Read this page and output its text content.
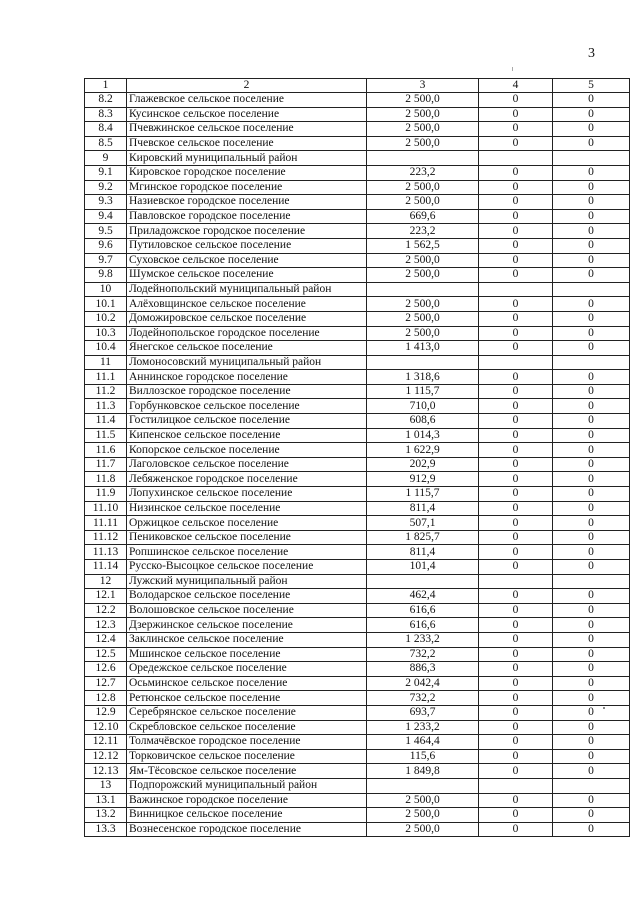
3
1	2	3	4	5
8.2	Глажевское сельское поселение	2 500,0	0	0
8.3	Кусинское сельское поселение	2 500,0	0	0
8.4	Пчевжинское сельское поселение	2 500,0	0	0
8.5	Пчевское сельское поселение	2 500,0	0	0
9	Кировский муниципальный район			
9.1	Кировское городское поселение	223,2	0	0
9.2	Мгинское городское поселение	2 500,0	0	0
9.3	Назиевское городское поселение	2 500,0	0	0
9.4	Павловское городское поселение	669,6	0	0
9.5	Приладожское городское поселение	223,2	0	0
9.6	Путиловское сельское поселение	1 562,5	0	0
9.7	Суховское сельское поселение	2 500,0	0	0
9.8	Шумское сельское поселение	2 500,0	0	0
10	Лодейнопольский муниципальный район			
10.1	Алёховщинское сельское поселение	2 500,0	0	0
10.2	Доможировское сельское поселение	2 500,0	0	0
10.3	Лодейнопольское городское поселение	2 500,0	0	0
10.4	Янегское сельское поселение	1 413,0	0	0
11	Ломоносовский муниципальный район			
11.1	Аннинское городское поселение	1 318,6	0	0
11.2	Виллозское городское поселение	1 115,7	0	0
11.3	Горбунковское сельское поселение	710,0	0	0
11.4	Гостилицкое сельское поселение	608,6	0	0
11.5	Кипенское сельское поселение	1 014,3	0	0
11.6	Копорское сельское поселение	1 622,9	0	0
11.7	Лаголовское сельское поселение	202,9	0	0
11.8	Лебяженское городское поселение	912,9	0	0
11.9	Лопухинское сельское поселение	1 115,7	0	0
11.10	Низинское сельское поселение	811,4	0	0
11.11	Оржицкое сельское поселение	507,1	0	0
11.12	Пениковское сельское поселение	1 825,7	0	0
11.13	Ропшинское сельское поселение	811,4	0	0
11.14	Русско-Высоцкое сельское поселение	101,4	0	0
12	Лужский муниципальный район			
12.1	Володарское сельское поселение	462,4	0	0
12.2	Волошовское сельское поселение	616,6	0	0
12.3	Дзержинское сельское поселение	616,6	0	0
12.4	Заклинское сельское поселение	1 233,2	0	0
12.5	Мшинское сельское поселение	732,2	0	0
12.6	Оредежское сельское поселение	886,3	0	0
12.7	Осьминское сельское поселение	2 042,4	0	0
12.8	Ретюнское сельское поселение	732,2	0	0
12.9	Серебрянское сельское поселение	693,7	0	0
12.10	Скребловское сельское поселение	1 233,2	0	0
12.11	Толмачёвское городское поселение	1 464,4	0	0
12.12	Торковичское сельское поселение	115,6	0	0
12.13	Ям-Тёсовское сельское поселение	1 849,8	0	0
13	Подпорожский муниципальный район			
13.1	Важинское городское поселение	2 500,0	0	0
13.2	Винницкое сельское поселение	2 500,0	0	0
13.3	Вознесенское городское поселение	2 500,0	0	0
